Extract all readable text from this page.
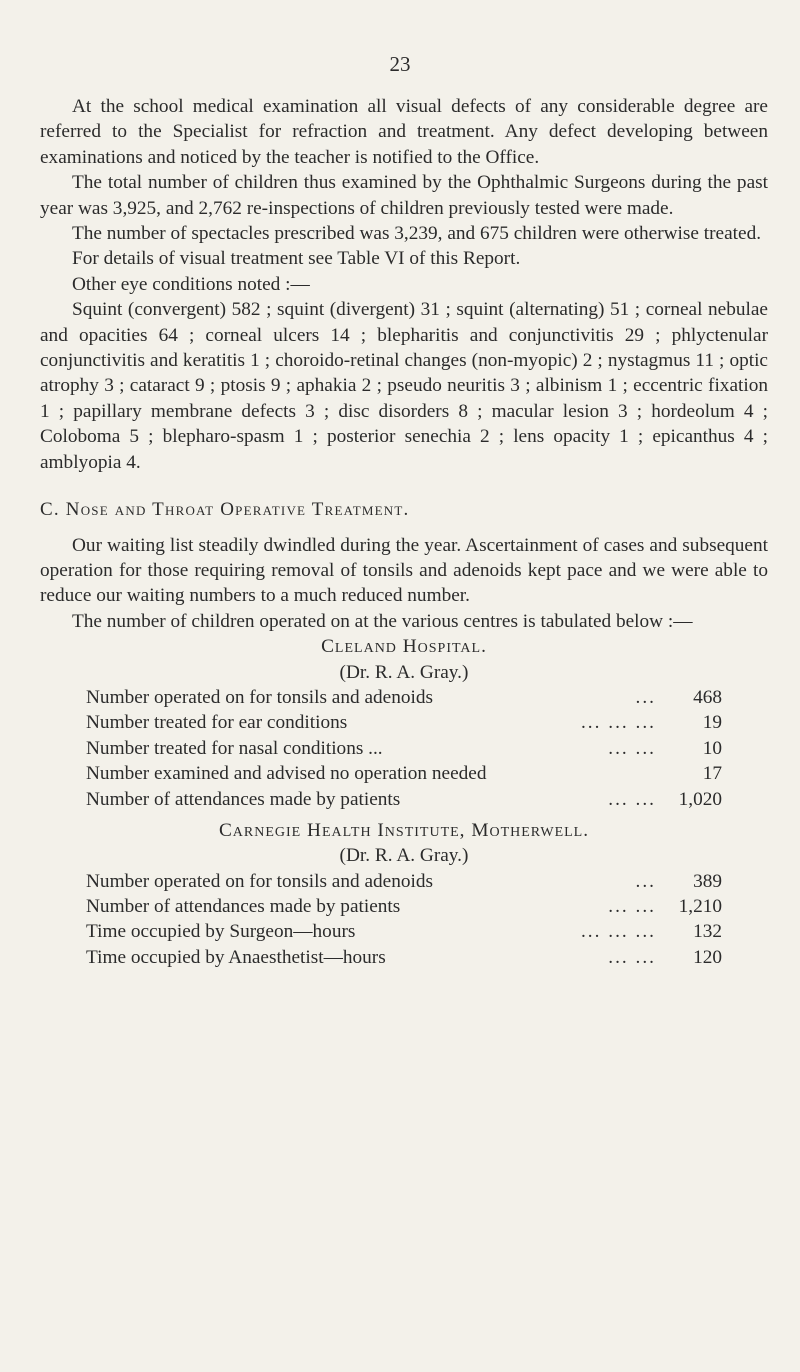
23

At the school medical examination all visual defects of any considerable degree are referred to the Specialist for refraction and treatment. Any defect developing between examinations and noticed by the teacher is notified to the Office.

The total number of children thus examined by the Ophthalmic Surgeons during the past year was 3,925, and 2,762 re-inspections of children previously tested were made.

The number of spectacles prescribed was 3,239, and 675 children were otherwise treated.

For details of visual treatment see Table VI of this Report.

Other eye conditions noted :—

Squint (convergent) 582 ; squint (divergent) 31 ; squint (alternating) 51 ; corneal nebulae and opacities 64 ; corneal ulcers 14 ; blepharitis and conjunctivitis 29 ; phlyctenular conjunctivitis and keratitis 1 ; choroido-retinal changes (non-myopic) 2 ; nystagmus 11 ; optic atrophy 3 ; cataract 9 ; ptosis 9 ; aphakia 2 ; pseudo neuritis 3 ; albinism 1 ; eccentric fixation 1 ; papillary membrane defects 3 ; disc disorders 8 ; macular lesion 3 ; hordeolum 4 ; Coloboma 5 ; blepharo-spasm 1 ; posterior senechia 2 ; lens opacity 1 ; epicanthus 4 ; amblyopia 4.

C. Nose and Throat Operative Treatment.

Our waiting list steadily dwindled during the year. Ascertainment of cases and subsequent operation for those requiring removal of tonsils and adenoids kept pace and we were able to reduce our waiting numbers to a much reduced number.

The number of children operated on at the various centres is tabulated below :—

Cleland Hospital.

(Dr. R. A. Gray.)

Number operated on for tonsils and adenoids	...	468
Number treated for ear conditions	... ... ...	19
Number treated for nasal conditions ...	... ...	10
Number examined and advised no operation needed	17
Number of attendances made by patients	... ...	1,020

Carnegie Health Institute, Motherwell.

(Dr. R. A. Gray.)

Number operated on for tonsils and adenoids	...	389
Number of attendances made by patients	... ...	1,210
Time occupied by Surgeon—hours	... ... ...	132
Time occupied by Anaesthetist—hours	... ...	120
